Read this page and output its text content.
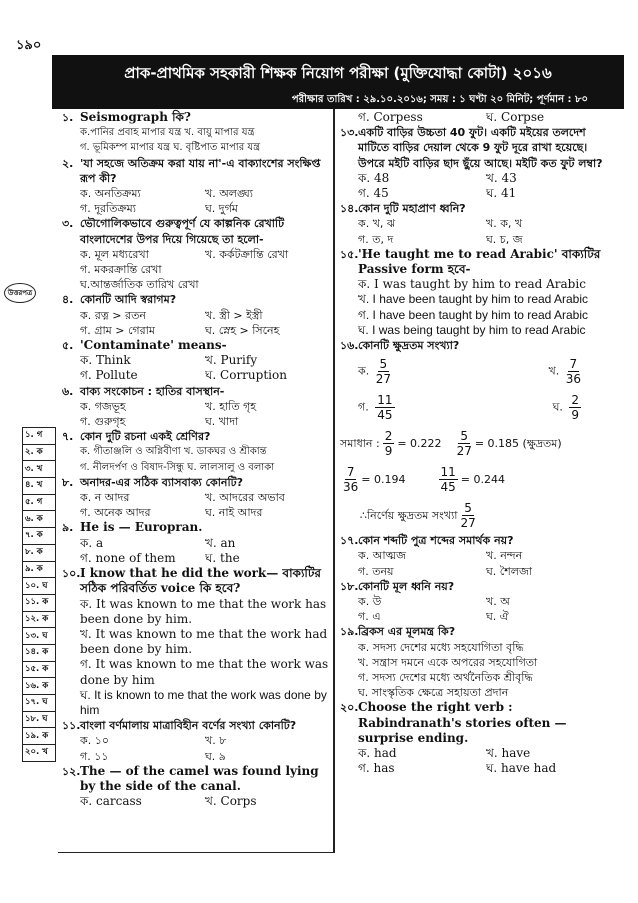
১৯০
প্রাক-প্রাথমিক সহকারী শিক্ষক নিয়োগ পরীক্ষা (মুক্তিযোদ্ধা কোটা) ২০১৬
পরীক্ষার তারিখ : ২৯.১০.২০১৬; সময় : ১ ঘণ্টা ২০ মিনিট; পূর্ণমান : ৮০
উত্তরপত্র
১. গ
২. ক
৩. খ
৪. খ
৫. গ
৬. ক
৭. ক
৮. ক
৯. ক
১০. ঘ
১১. ক
১২. ক
১৩. ঘ
১৪. ক
১৫. ক
১৬. ক
১৭. ঘ
১৮. ঘ
১৯. ক
২০. খ
১. Seismograph কি?
ক.পানির প্রবাহ মাপার যন্ত্র খ. বায়ু মাপার যন্ত্র
গ. ভূমিকম্প মাপার যন্ত্র ঘ. বৃষ্টিপাত মাপার যন্ত্র
২. 'যা সহজে অতিক্রম করা যায় না'-এ বাক্যাংশের সংক্ষিপ্ত রূপ কী?
ক. অনতিক্রম্য	খ. অলঙ্ঘ্য
গ. দূরতিক্রম্য	ঘ. দুর্গম
৩. ভৌগোলিকভাবে গুরুত্বপূর্ণ যে কাল্পনিক রেখাটি বাংলাদেশের উপর দিয়ে গিয়েছে তা হলো-
ক. মূল মধ্যরেখা	খ. কর্কটক্রান্তি রেখা
গ. মকরক্রান্তি রেখা
ঘ.আন্তর্জাতিক তারিখ রেখা
৪. কোনটি আদি স্বরাগম?
ক. রত্ন > রতন	খ. স্ত্রী > ইস্ত্রী
গ. গ্রাম > গেরাম	ঘ. স্নেহ > সিনেহ
৫. 'Contaminate' means-
ক. Think	খ. Purify
গ. Pollute	ঘ. Corruption
৬. বাক্য সংকোচন : হাতির বাসস্থান-
ক. গজভূহ	খ. হাতি গৃহ
গ. গুরুগৃহ	ঘ. খাদা
৭. কোন দুটি রচনা একই শ্রেণির?
ক. গীতাঞ্জলি ও অগ্নিবীণা খ. ডাকঘর ও শ্রীকান্ত
গ. নীলদর্পণ ও বিষাদ-সিন্ধু ঘ. লালসালু ও বলাকা
৮. অনাদর-এর সঠিক ব্যাসবাক্য কোনটি?
ক. ন আদর	খ. আদরের অভাব
গ. অনেক আদর	ঘ. নাই আদর
৯. He is — Europran.
ক. a	খ. an
গ. none of them	ঘ. the
১০. I know that he did the work— বাক্যটির সঠিক পরিবর্তিত voice কি হবে?
ক. It was known to me that the work has been done by him.
খ. It was known to me that the work had been done by him.
গ. It was known to me that the work was done by him
ঘ. It is known to me that the work was done by him
১১. বাংলা বর্ণমালায় মাত্রাবিহীন বর্ণের সংখ্যা কোনটি?
ক. ১০	খ. ৮
গ. ১১	ঘ. ৯
১২. The — of the camel was found lying by the side of the canal.
ক. carcass	খ. Corps
গ. Corpess	ঘ. Corpse
১৩. একটি বাড়ির উচ্চতা 40 ফুট। একটি মইয়ের তলদেশ মাটিতে বাড়ির দেয়াল থেকে 9 ফুট দূরে রাখা হয়েছে। উপরে মইটি বাড়ির ছাদ ছুঁয়ে আছে। মইটি কত ফুট লম্বা?
ক. 48	খ. 43
গ. 45	ঘ. 41
১৪. কোন দুটি মহাপ্রাণ ধ্বনি?
ক. খ, ঝ	খ. ক, খ
গ. ত, দ	ঘ. চ, জ
১৫. 'He taught me to read Arabic' বাক্যটির Passive form হবে-
ক. I was taught by him to read Arabic
খ. I have been taught by him to read Arabic
গ. I have been taught by him to read Arabic
ঘ. I was being taught by him to read Arabic
১৬. কোনটি ক্ষুদ্রতম সংখ্যা?
ক. $\frac{5}{27}$	খ. $\frac{7}{36}$
গ. $\frac{11}{45}$	ঘ. $\frac{2}{9}$
সমাধান : $\frac{2}{9} = 0.222 \frac{5}{27} = 0.185$ (ক্ষুদ্রতম)
$\frac{7}{36} = 0.194$	$\frac{11}{45} = 0.244$
∴নির্ণেয় ক্ষুদ্রতম সংখ্যা $\frac{5}{27}$
১৭. কোন শব্দটি পুত্র শব্দের সমার্থক নয়?
ক. আত্মজ	খ. নন্দন
গ. তনয়	ঘ. শৈলজা
১৮. কোনটি মূল ধ্বনি নয়?
ক. উ	খ. অ
গ. এ	ঘ. ঐ
১৯. ব্রিকস এর মূলমন্ত্র কি?
ক. সদস্য দেশের মধ্যে সহযোগিতা বৃদ্ধি
খ. সন্ত্রাস দমনে একে অপরের সহযোগিতা
গ. সদস্য দেশের মধ্যে অর্থনৈতিক শ্রীবৃদ্ধি
ঘ. সাংস্কৃতিক ক্ষেত্রে সহায়তা প্রদান
২০. Choose the right verb : Rabindranath's stories often — surprise ending.
ক. had	খ. have
গ. has	ঘ. have had
